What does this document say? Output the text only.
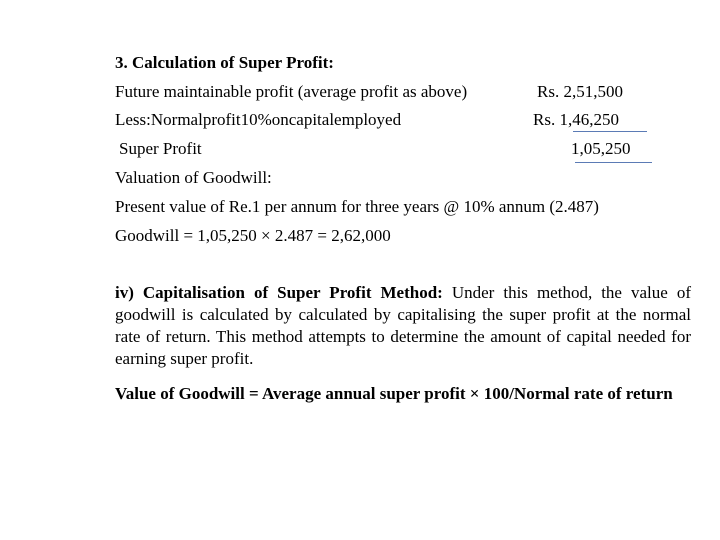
3. Calculation of Super Profit:
Future maintainable profit (average profit as above)	Rs. 2,51,500
Less:Normalprofit10%oncapitalemployed	Rs. 1,46,250
Super Profit	1,05,250
Valuation of Goodwill:
Present value of Re.1 per annum for three years @ 10% annum (2.487)
Goodwill = 1,05,250 × 2.487 = 2,62,000
iv) Capitalisation of Super Profit Method: Under this method, the value of goodwill is calculated by calculated by capitalising the super profit at the normal rate of return. This method attempts to determine the amount of capital needed for earning super profit.
Value of Goodwill = Average annual super profit × 100/Normal rate of return
